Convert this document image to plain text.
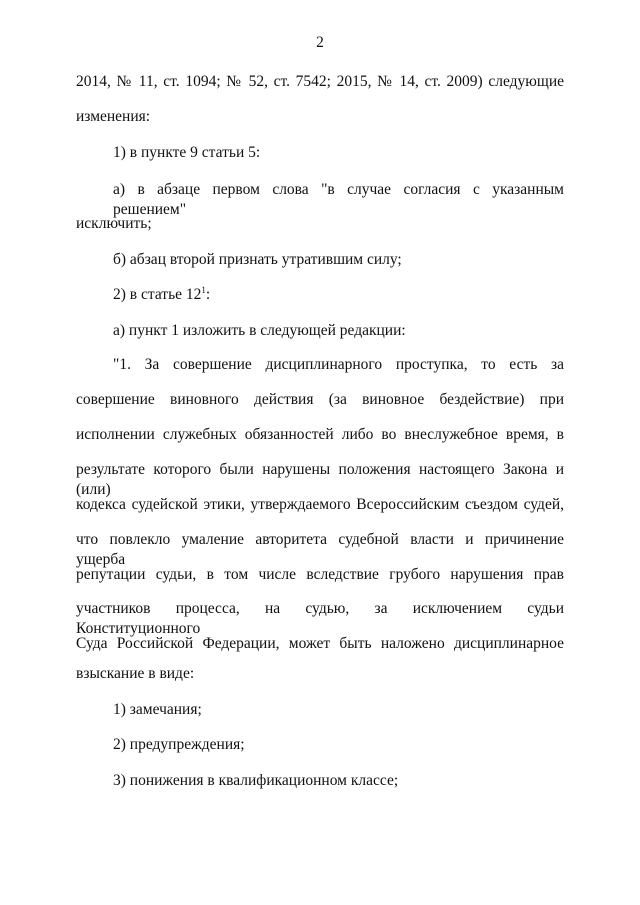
2
2014, № 11, ст. 1094; № 52, ст. 7542; 2015, № 14, ст. 2009) следующие
изменения:
1) в пункте 9 статьи 5:
а) в абзаце первом слова "в случае согласия с указанным решением"
исключить;
б) абзац второй признать утратившим силу;
2) в статье $12^1$:
а) пункт 1 изложить в следующей редакции:
"1. За совершение дисциплинарного проступка, то есть за
совершение виновного действия (за виновное бездействие) при
исполнении служебных обязанностей либо во внеслужебное время, в
результате которого были нарушены положения настоящего Закона и (или)
кодекса судейской этики, утверждаемого Всероссийским съездом судей,
что повлекло умаление авторитета судебной власти и причинение ущерба
репутации судьи, в том числе вследствие грубого нарушения прав
участников процесса, на судью, за исключением судьи Конституционного
Суда Российской Федерации, может быть наложено дисциплинарное
взыскание в виде:
1) замечания;
2) предупреждения;
3) понижения в квалификационном классе;
